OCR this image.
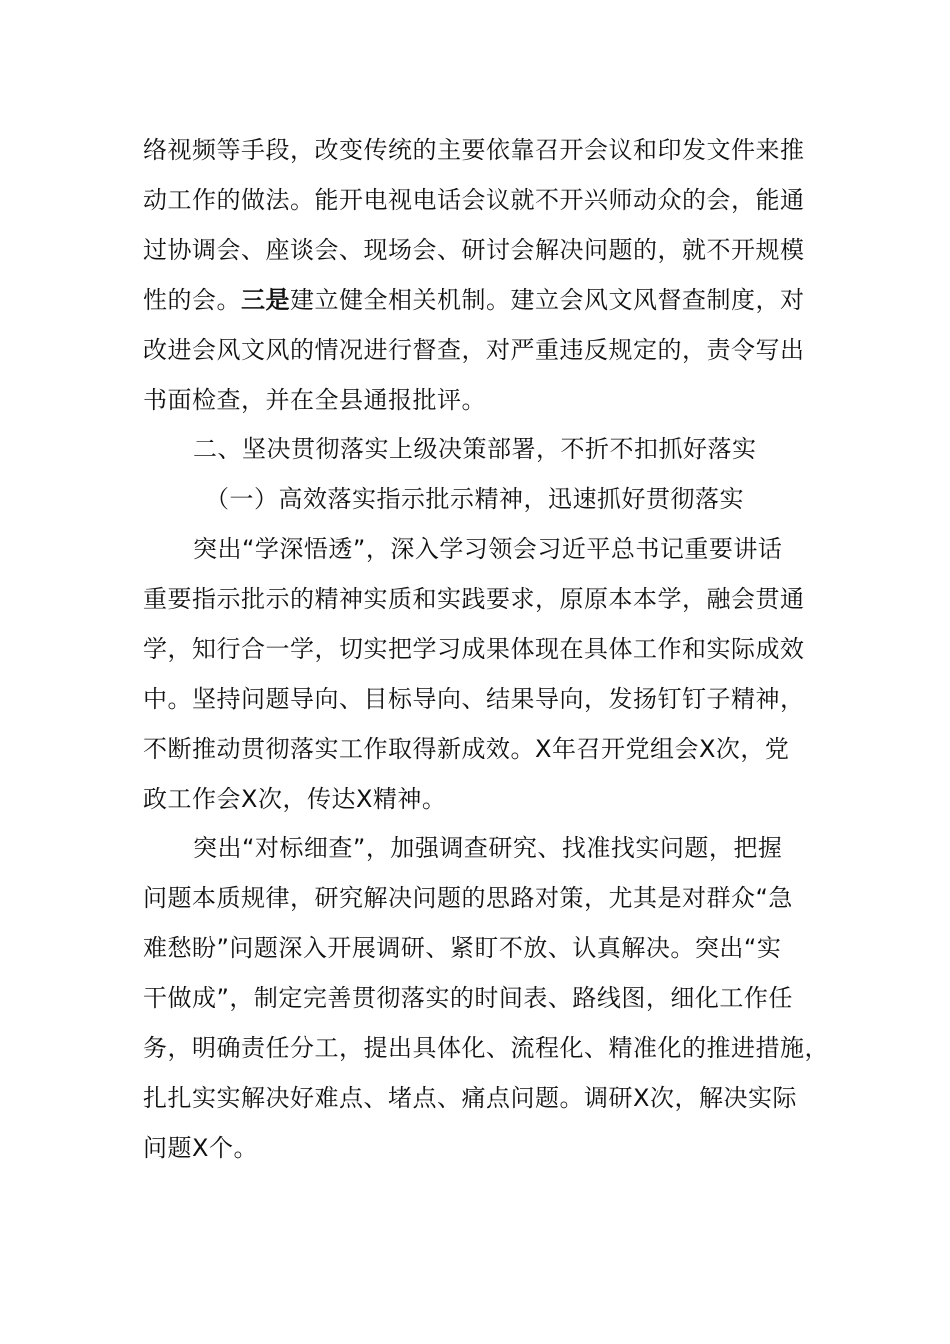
络视频等手段，改变传统的主要依靠召开会议和印发文件来推
动工作的做法。能开电视电话会议就不开兴师动众的会，能通
过协调会、座谈会、现场会、研讨会解决问题的，就不开规模
性的会。三是建立健全相关机制。建立会风文风督查制度，对
改进会风文风的情况进行督查，对严重违反规定的，责令写出
书面检查，并在全县通报批评。
二、坚决贯彻落实上级决策部署，不折不扣抓好落实
（一）高效落实指示批示精神，迅速抓好贯彻落实
突出“学深悟透”，深入学习领会习近平总书记重要讲话
重要指示批示的精神实质和实践要求，原原本本学，融会贯通
学，知行合一学，切实把学习成果体现在具体工作和实际成效
中。坚持问题导向、目标导向、结果导向，发扬钉钉子精神，
不断推动贯彻落实工作取得新成效。X年召开党组会X次，党
政工作会X次，传达X精神。
突出“对标细查”，加强调查研究、找准找实问题，把握
问题本质规律，研究解决问题的思路对策，尤其是对群众“急
难愁盼”问题深入开展调研、紧盯不放、认真解决。突出“实
干做成”，制定完善贯彻落实的时间表、路线图，细化工作任
务，明确责任分工，提出具体化、流程化、精准化的推进措施，
扎扎实实解决好难点、堵点、痛点问题。调研X次，解决实际
问题X个。
